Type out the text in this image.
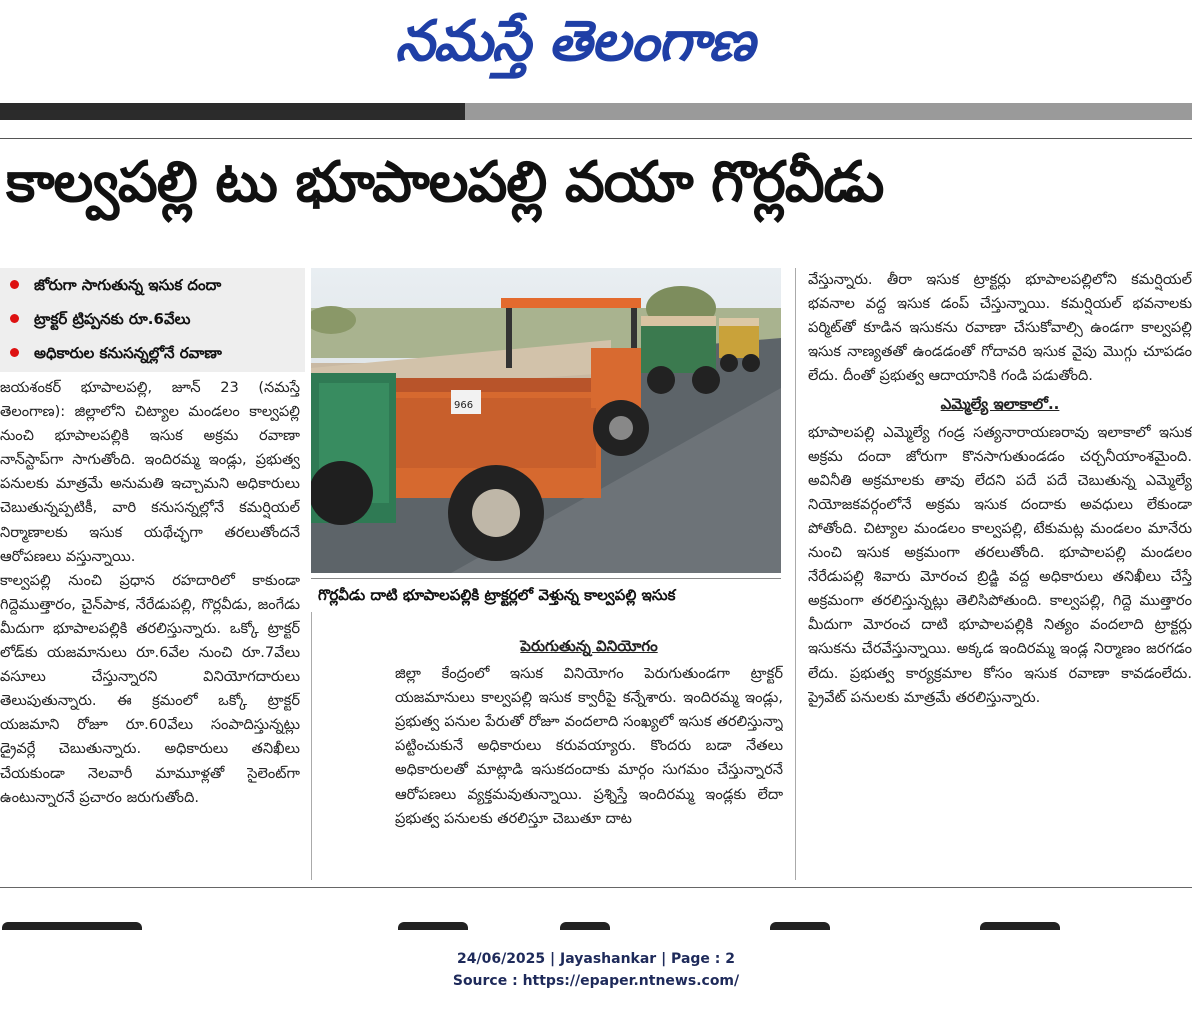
నమస్తే తెలంగాణ
కాల్వపల్లి టు భూపాలపల్లి వయా గొర్లవీడు
జోరుగా సాగుతున్న ఇసుక దందా
ట్రాక్టర్ ట్రిప్పనకు రూ.6వేలు
అధికారుల కనుసన్నల్లోనే రవాణా

జయశంకర్ భూపాలపల్లి, జూన్ 23 (నమస్తే తెలంగాణ): జిల్లాలోని చిట్యాల మండలం కాల్వపల్లి నుంచి భూపాలపల్లికి ఇసుక అక్రమ రవాణా నాన్‌స్టాప్‌గా సాగుతోంది. ఇందిరమ్మ ఇండ్లు, ప్రభుత్వ పనులకు మాత్రమే అనుమతి ఇచ్చామని అధికారులు చెబుతున్నప్పటికీ, వారి కనుసన్నల్లోనే కమర్షియల్ నిర్మాణాలకు ఇసుక యథేచ్ఛగా తరలుతోందనే ఆరోపణలు వస్తున్నాయి.

కాల్వపల్లి నుంచి ప్రధాన రహదారిలో కాకుండా గిద్దెముత్తారం, చైన్‌పాక, నేరేడుపల్లి, గొర్లవీడు, జంగేడు మీదుగా భూపాలపల్లికి తరలిస్తున్నారు. ఒక్కో ట్రాక్టర్ లోడ్‌కు యజమానులు రూ.6వేల నుంచి రూ.7వేలు వసూలు చేస్తున్నారని వినియోగదారులు తెలుపుతున్నారు. ఈ క్రమంలో ఒక్కో ట్రాక్టర్ యజమాని రోజూ రూ.60వేలు సంపాదిస్తున్నట్లు డ్రైవర్లే చెబుతున్నారు. అధికారులు తనిఖీలు చేయకుండా నెలవారీ మామూళ్లతో సైలెంట్‌గా ఉంటున్నారనే ప్రచారం జరుగుతోంది.

966
గొర్లవీడు దాటి భూపాలపల్లికి ట్రాక్టర్లలో వెళ్తున్న కాల్వపల్లి ఇసుక

పెరుగుతున్న వినియోగం

జిల్లా కేంద్రంలో ఇసుక వినియోగం పెరుగుతుండగా ట్రాక్టర్ యజమానులు కాల్వపల్లి ఇసుక క్వారీపై కన్నేశారు. ఇందిరమ్మ ఇండ్లు, ప్రభుత్వ పనుల పేరుతో రోజూ వందలాది సంఖ్యలో ఇసుక తరలిస్తున్నా పట్టించుకునే అధికారులు కరువయ్యారు. కొందరు బడా నేతలు అధికారులతో మాట్లాడి ఇసుకదందాకు మార్గం సుగమం చేస్తున్నారనే ఆరోపణలు వ్యక్తమవుతున్నాయి. ప్రశ్నిస్తే ఇందిరమ్మ ఇండ్లకు లేదా ప్రభుత్వ పనులకు తరలిస్తూ చెబుతూ దాట

వేస్తున్నారు. తీరా ఇసుక ట్రాక్టర్లు భూపాలపల్లిలోని కమర్షియల్ భవనాల వద్ద ఇసుక డంప్ చేస్తున్నాయి. కమర్షియల్ భవనాలకు పర్మిట్‌తో కూడిన ఇసుకను రవాణా చేసుకోవాల్సి ఉండగా కాల్వపల్లి ఇసుక నాణ్యతతో ఉండడంతో గోదావరి ఇసుక వైపు మొగ్గు చూపడం లేదు. దీంతో ప్రభుత్వ ఆదాయానికి గండి పడుతోంది.

ఎమ్మెల్యే ఇలాకాలో..

భూపాలపల్లి ఎమ్మెల్యే గండ్ర సత్యనారాయణరావు ఇలాకాలో ఇసుక అక్రమ దందా జోరుగా కొనసాగుతుండడం చర్చనీయాంశమైంది. అవినీతి అక్రమాలకు తావు లేదని పదే పదే చెబుతున్న ఎమ్మెల్యే నియోజకవర్గంలోనే అక్రమ ఇసుక దందాకు అవధులు లేకుండా పోతోంది. చిట్యాల మండలం కాల్వపల్లి, టేకుమట్ల మండలం మానేరు నుంచి ఇసుక అక్రమంగా తరలుతోంది. భూపాలపల్లి మండలం నేరేడుపల్లి శివారు మోరంచ బ్రిడ్జి వద్ద అధికారులు తనిఖీలు చేస్తే అక్రమంగా తరలిస్తున్నట్లు తెలిసిపోతుంది. కాల్వపల్లి, గిద్దె ముత్తారం మీదుగా మోరంచ దాటి భూపాలపల్లికి నిత్యం వందలాది ట్రాక్టర్లు ఇసుకను చేరవేస్తున్నాయి. అక్కడ ఇందిరమ్మ ఇండ్ల నిర్మాణం జరగడం లేదు. ప్రభుత్వ కార్యక్రమాల కోసం ఇసుక రవాణా కావడంలేదు. ప్రైవేట్ పనులకు మాత్రమే తరలిస్తున్నారు.

24/06/2025 | Jayashankar | Page : 2
Source : https://epaper.ntnews.com/
